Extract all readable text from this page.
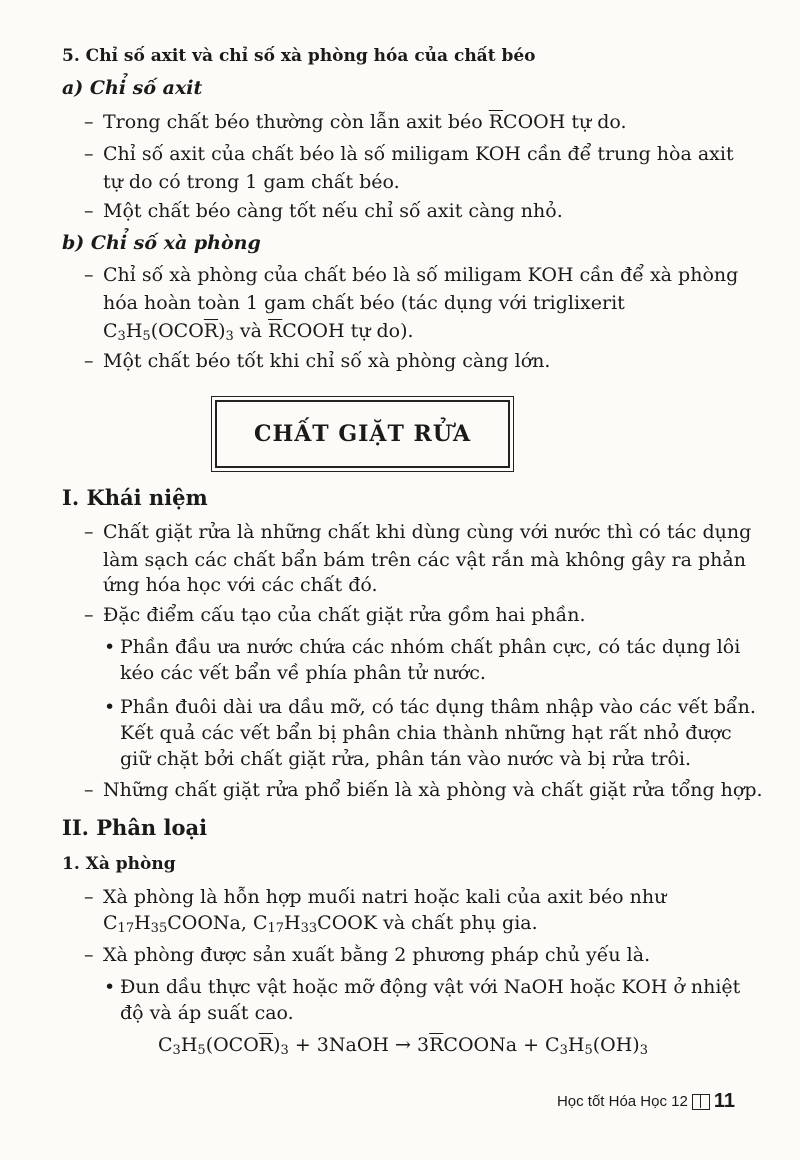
5. Chỉ số axit và chỉ số xà phòng hóa của chất béo
a) Chỉ số axit
– Trong chất béo thường còn lẫn axit béo $\overline{R}COOH$ tự do.
– Chỉ số axit của chất béo là số miligam KOH cần để trung hòa axit
tự do có trong 1 gam chất béo.
– Một chất béo càng tốt nếu chỉ số axit càng nhỏ.
b) Chỉ số xà phòng
– Chỉ số xà phòng của chất béo là số miligam KOH cần để xà phòng
hóa hoàn toàn 1 gam chất béo (tác dụng với triglixerit
$C_3H_5(OCO\overline{R})_3$ và $\overline{R}COOH$ tự do).
– Một chất béo tốt khi chỉ số xà phòng càng lớn.
CHẤT GIẶT RỬA
I. Khái niệm
– Chất giặt rửa là những chất khi dùng cùng với nước thì có tác dụng
làm sạch các chất bẩn bám trên các vật rắn mà không gây ra phản
ứng hóa học với các chất đó.
– Đặc điểm cấu tạo của chất giặt rửa gồm hai phần.
• Phần đầu ưa nước chứa các nhóm chất phân cực, có tác dụng lôi
kéo các vết bẩn về phía phân tử nước.
• Phần đuôi dài ưa dầu mỡ, có tác dụng thâm nhập vào các vết bẩn.
Kết quả các vết bẩn bị phân chia thành những hạt rất nhỏ được
giữ chặt bởi chất giặt rửa, phân tán vào nước và bị rửa trôi.
– Những chất giặt rửa phổ biến là xà phòng và chất giặt rửa tổng hợp.
II. Phân loại
1. Xà phòng
– Xà phòng là hỗn hợp muối natri hoặc kali của axit béo như
$C_{17}H_{35}COONa$, $C_{17}H_{33}COOK$ và chất phụ gia.
– Xà phòng được sản xuất bằng 2 phương pháp chủ yếu là.
• Đun dầu thực vật hoặc mỡ động vật với NaOH hoặc KOH ở nhiệt
độ và áp suất cao.
$C_3H_5(OCO\overline{R})_3$ + 3NaOH → $3\overline{R}COONa + C_3H_5(OH)_3$
Học tốt Hóa Học 12 11
